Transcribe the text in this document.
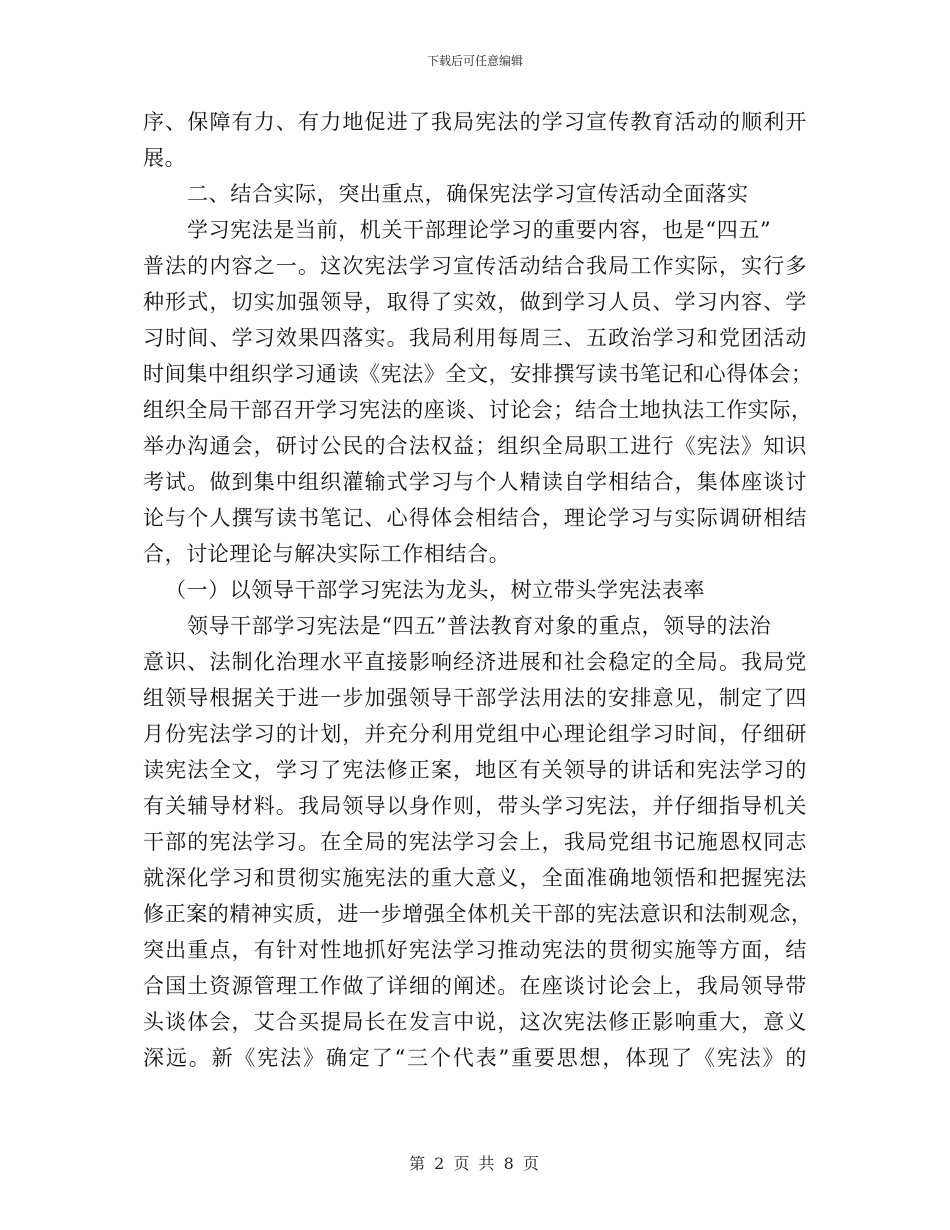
下载后可任意编辑
序、保障有力、有力地促进了我局宪法的学习宣传教育活动的顺利开
展。
二、结合实际，突出重点，确保宪法学习宣传活动全面落实
学习宪法是当前，机关干部理论学习的重要内容，也是“四五”
普法的内容之一。这次宪法学习宣传活动结合我局工作实际，实行多
种形式，切实加强领导，取得了实效，做到学习人员、学习内容、学
习时间、学习效果四落实。我局利用每周三、五政治学习和党团活动
时间集中组织学习通读《宪法》全文，安排撰写读书笔记和心得体会；
组织全局干部召开学习宪法的座谈、讨论会；结合土地执法工作实际，
举办沟通会，研讨公民的合法权益；组织全局职工进行《宪法》知识
考试。做到集中组织灌输式学习与个人精读自学相结合，集体座谈讨
论与个人撰写读书笔记、心得体会相结合，理论学习与实际调研相结
合，讨论理论与解决实际工作相结合。
（一）以领导干部学习宪法为龙头，树立带头学宪法表率
领导干部学习宪法是“四五”普法教育对象的重点，领导的法治
意识、法制化治理水平直接影响经济进展和社会稳定的全局。我局党
组领导根据关于进一步加强领导干部学法用法的安排意见，制定了四
月份宪法学习的计划，并充分利用党组中心理论组学习时间，仔细研
读宪法全文，学习了宪法修正案，地区有关领导的讲话和宪法学习的
有关辅导材料。我局领导以身作则，带头学习宪法，并仔细指导机关
干部的宪法学习。在全局的宪法学习会上，我局党组书记施恩权同志
就深化学习和贯彻实施宪法的重大意义，全面准确地领悟和把握宪法
修正案的精神实质，进一步增强全体机关干部的宪法意识和法制观念，
突出重点，有针对性地抓好宪法学习推动宪法的贯彻实施等方面，结
合国土资源管理工作做了详细的阐述。在座谈讨论会上，我局领导带
头谈体会，艾合买提局长在发言中说，这次宪法修正影响重大，意义
深远。新《宪法》确定了“三个代表”重要思想，体现了《宪法》的
第 2 页 共 8 页
